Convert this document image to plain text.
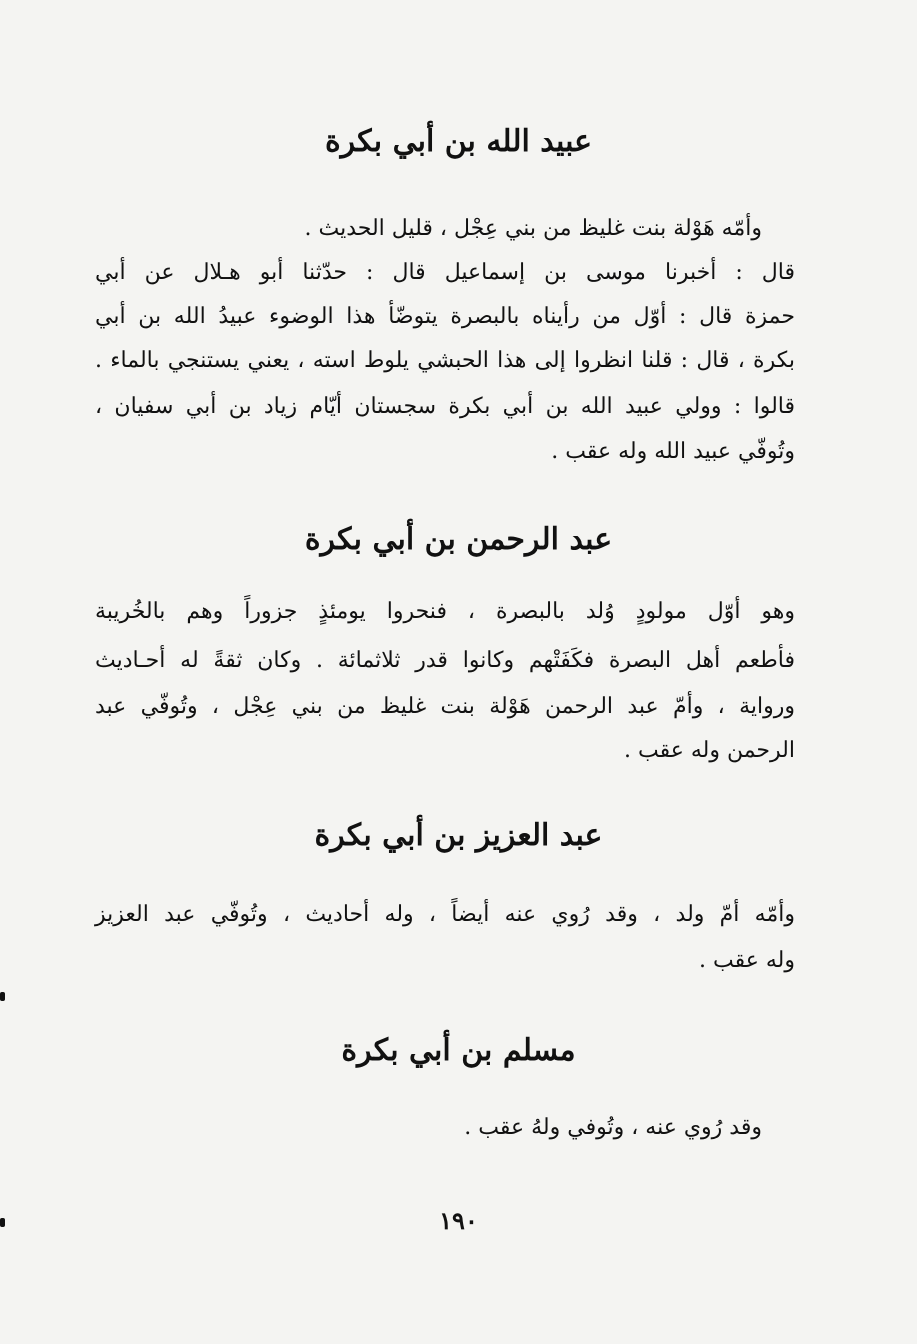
عبيد الله بن أبي بكرة
وأمّه هَوْلة بنت غليظ من بني عِجْل ، قليل الحديث .
قال : أخبرنا موسى بن إسماعيل قال : حدّثنا أبو هـلال عن أبي
حمزة قال : أوّل من رأيناه بالبصرة يتوضّأ هذا الوضوء عبيدُ الله بن أبي
بكرة ، قال : قلنا انظروا إلى هذا الحبشي يلوط استه ، يعني يستنجي بالماء .
قالوا : وولي عبيد الله بن أبي بكرة سجستان أيّام زياد بن أبي سفيان ،
وتُوفّي عبيد الله وله عقب .
عبد الرحمن بن أبي بكرة
وهو أوّل مولودٍ وُلد بالبصرة ، فنحروا يومئذٍ جزوراً وهم بالخُريبة
فأطعم أهل البصرة فكَفَتْهم وكانوا قدر ثلاثمائة . وكان ثقةً له أحـاديث
ورواية ، وأمّ عبد الرحمن هَوْلة بنت غليظ من بني عِجْل ، وتُوفّي عبد
الرحمن وله عقب .
عبد العزيز بن أبي بكرة
وأمّه أمّ ولد ، وقد رُوي عنه أيضاً ، وله أحاديث ، وتُوفّي عبد العزيز
وله عقب .
مسلم بن أبي بكرة
وقد رُوي عنه ، وتُوفي ولهُ عقب .
١٩٠
